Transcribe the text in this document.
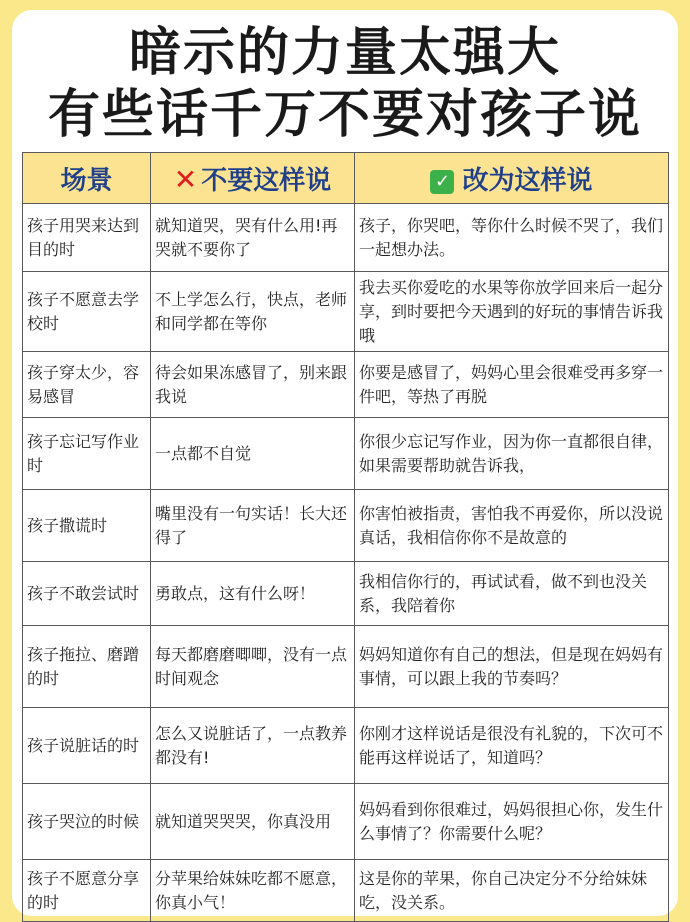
暗示的力量太强大
有些话千万不要对孩子说
场景	✕ 不要这样说	✓ 改为这样说
孩子用哭来达到目的时	就知道哭，哭有什么用!再哭就不要你了	孩子，你哭吧，等你什么时候不哭了，我们一起想办法。
孩子不愿意去学校时	不上学怎么行，快点，老师和同学都在等你	我去买你爱吃的水果等你放学回来后一起分享，到时要把今天遇到的好玩的事情告诉我哦
孩子穿太少，容易感冒	待会如果冻感冒了，别来跟我说	你要是感冒了，妈妈心里会很难受再多穿一件吧，等热了再脱
孩子忘记写作业时	一点都不自觉	你很少忘记写作业，因为你一直都很自律，如果需要帮助就告诉我，
孩子撒谎时	嘴里没有一句实话！长大还得了	你害怕被指责，害怕我不再爱你，所以没说真话，我相信你你不是故意的
孩子不敢尝试时	勇敢点，这有什么呀！	我相信你行的，再试试看，做不到也没关系，我陪着你
孩子拖拉、磨蹭的时	每天都磨磨唧唧，没有一点时间观念	妈妈知道你有自己的想法，但是现在妈妈有事情，可以跟上我的节奏吗？
孩子说脏话的时	怎么又说脏话了，一点教养都没有!	你刚才这样说话是很没有礼貌的，下次可不能再这样说话了，知道吗？
孩子哭泣的时候	就知道哭哭哭，你真没用	妈妈看到你很难过，妈妈很担心你，发生什么事情了？你需要什么呢？
孩子不愿意分享的时	分苹果给妹妹吃都不愿意，你真小气！	这是你的苹果，你自己决定分不分给妹妹吃，没关系。
